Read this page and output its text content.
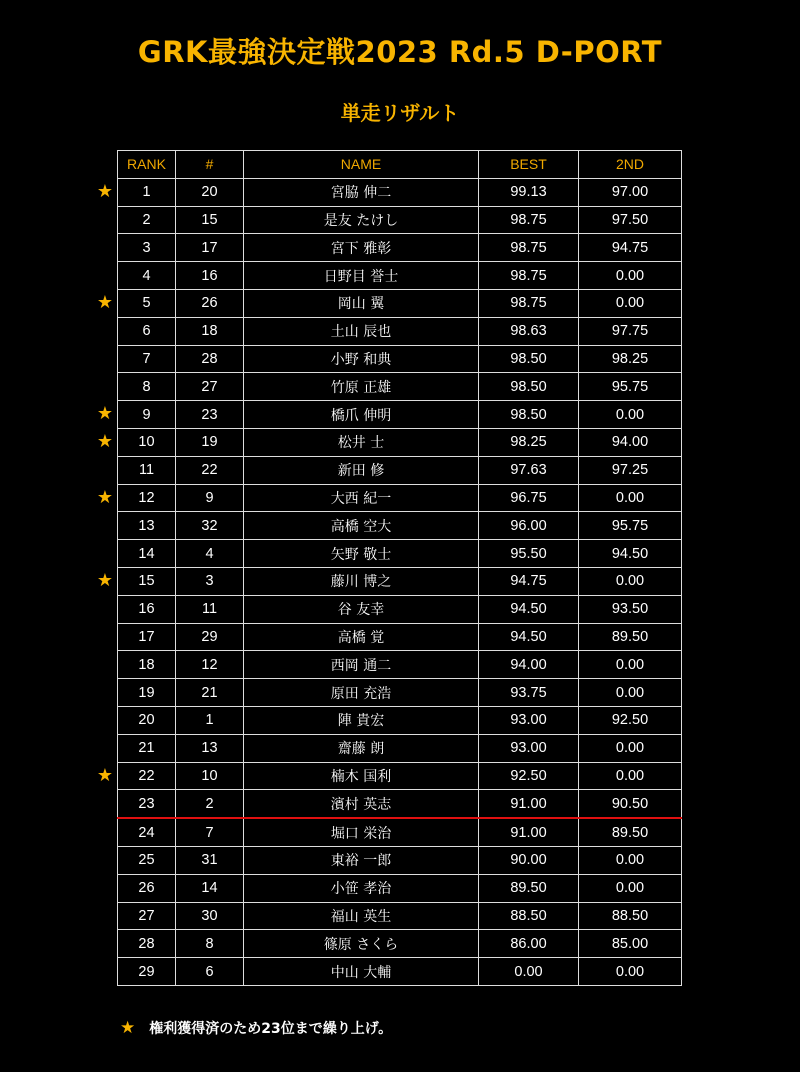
GRK最強決定戦2023 Rd.5 D-PORT
単走リザルト
★
★
★
★
★
★
★
RANK	#	NAME	BEST	2ND
1	20	宮脇 伸二	99.13	97.00
2	15	是友 たけし	98.75	97.50
3	17	宮下 雅彰	98.75	94.75
4	16	日野目 誉士	98.75	0.00
5	26	岡山 翼	98.75	0.00
6	18	土山 辰也	98.63	97.75
7	28	小野 和典	98.50	98.25
8	27	竹原 正雄	98.50	95.75
9	23	橋爪 伸明	98.50	0.00
10	19	松井 士	98.25	94.00
11	22	新田 修	97.63	97.25
12	9	大西 紀一	96.75	0.00
13	32	高橋 空大	96.00	95.75
14	4	矢野 敬士	95.50	94.50
15	3	藤川 博之	94.75	0.00
16	11	谷 友幸	94.50	93.50
17	29	高橋 覚	94.50	89.50
18	12	西岡 通二	94.00	0.00
19	21	原田 充浩	93.75	0.00
20	1	陣 貴宏	93.00	92.50
21	13	齋藤 朗	93.00	0.00
22	10	楠木 国利	92.50	0.00
23	2	濱村 英志	91.00	90.50
24	7	堀口 栄治	91.00	89.50
25	31	東裕 一郎	90.00	0.00
26	14	小笹 孝治	89.50	0.00
27	30	福山 英生	88.50	88.50
28	8	篠原 さくら	86.00	85.00
29	6	中山 大輔	0.00	0.00
★ 権利獲得済のため23位まで繰り上げ。
